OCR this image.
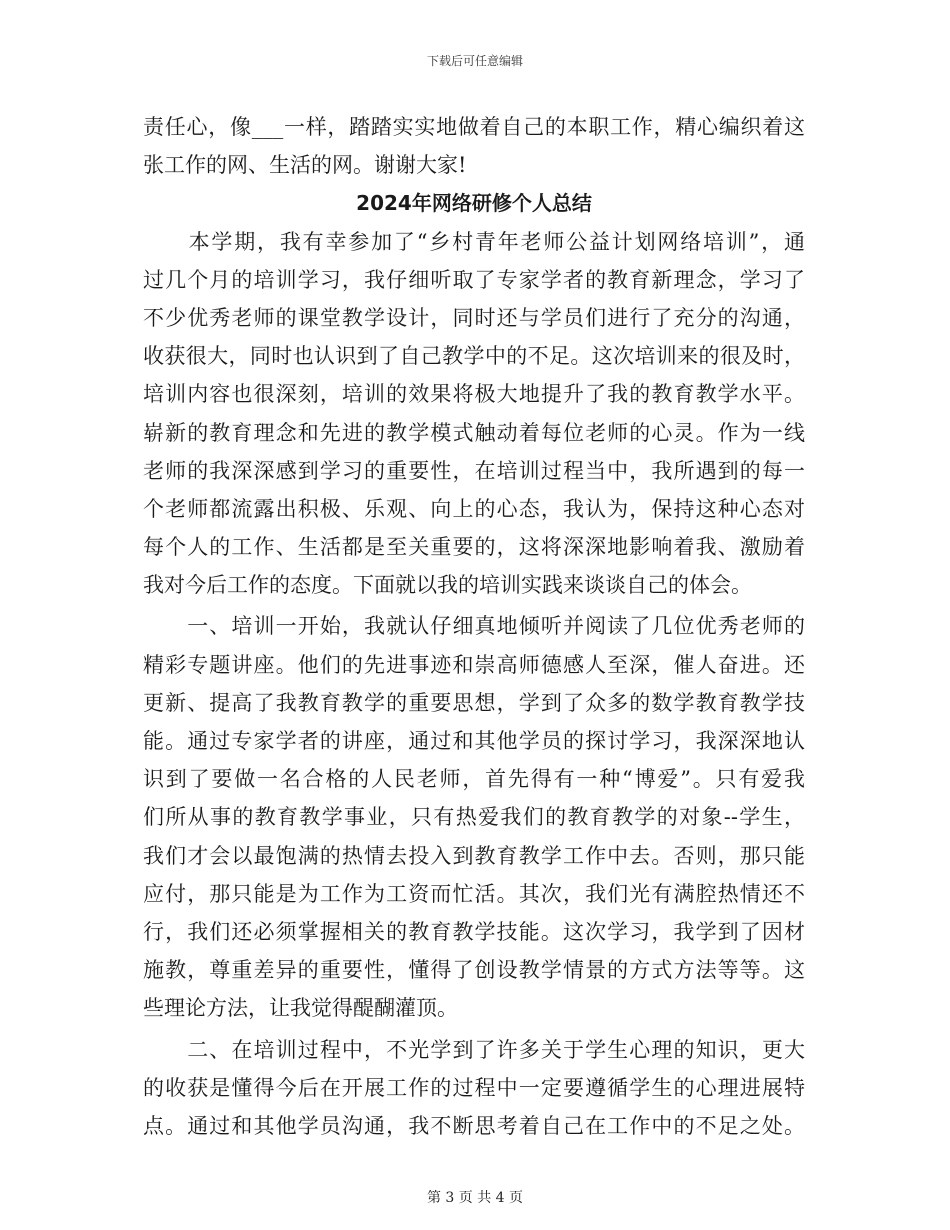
下载后可任意编辑
责任心，像___一样，踏踏实实地做着自己的本职工作，精心编织着这
张工作的网、生活的网。谢谢大家!
2024年网络研修个人总结
　　本学期，我有幸参加了“乡村青年老师公益计划网络培训”，通
过几个月的培训学习，我仔细听取了专家学者的教育新理念，学习了
不少优秀老师的课堂教学设计，同时还与学员们进行了充分的沟通，
收获很大，同时也认识到了自己教学中的不足。这次培训来的很及时，
培训内容也很深刻，培训的效果将极大地提升了我的教育教学水平。
崭新的教育理念和先进的教学模式触动着每位老师的心灵。作为一线
老师的我深深感到学习的重要性，在培训过程当中，我所遇到的每一
个老师都流露出积极、乐观、向上的心态，我认为，保持这种心态对
每个人的工作、生活都是至关重要的，这将深深地影响着我、激励着
我对今后工作的态度。下面就以我的培训实践来谈谈自己的体会。
　　一、培训一开始，我就认仔细真地倾听并阅读了几位优秀老师的
精彩专题讲座。他们的先进事迹和崇高师德感人至深，催人奋进。还
更新、提高了我教育教学的重要思想，学到了众多的数学教育教学技
能。通过专家学者的讲座，通过和其他学员的探讨学习，我深深地认
识到了要做一名合格的人民老师，首先得有一种“博爱”。只有爱我
们所从事的教育教学事业，只有热爱我们的教育教学的对象--学生，
我们才会以最饱满的热情去投入到教育教学工作中去。否则，那只能
应付，那只能是为工作为工资而忙活。其次，我们光有满腔热情还不
行，我们还必须掌握相关的教育教学技能。这次学习，我学到了因材
施教，尊重差异的重要性，懂得了创设教学情景的方式方法等等。这
些理论方法，让我觉得醍醐灌顶。
　　二、在培训过程中，不光学到了许多关于学生心理的知识，更大
的收获是懂得今后在开展工作的过程中一定要遵循学生的心理进展特
点。通过和其他学员沟通，我不断思考着自己在工作中的不足之处。
第 3 页 共 4 页
